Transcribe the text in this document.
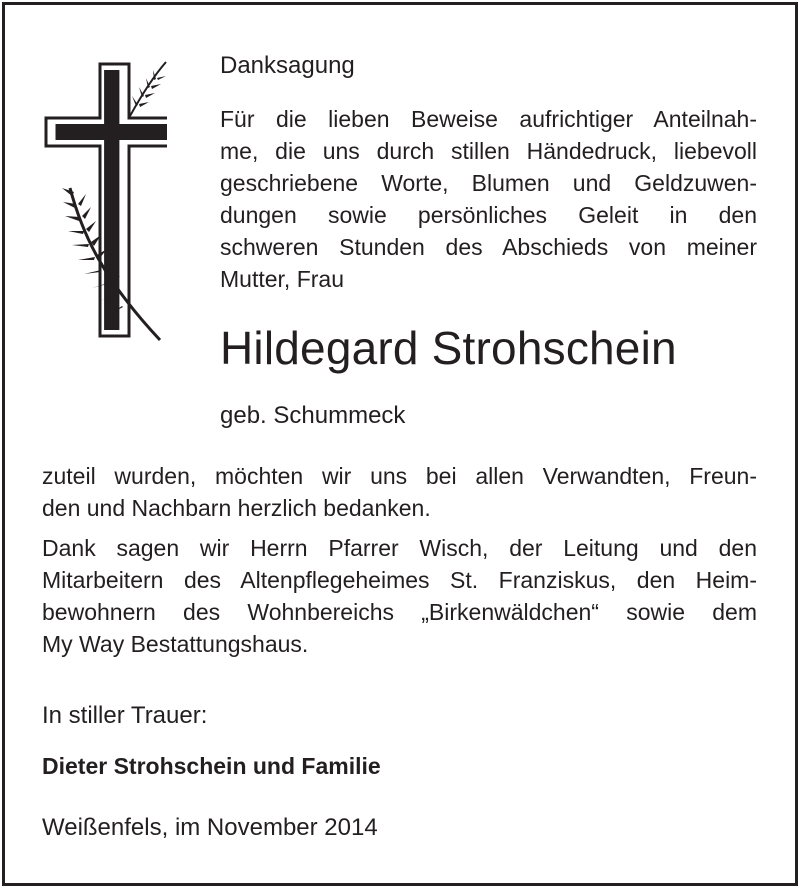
Danksagung
Für die lieben Beweise aufrichtiger Anteilnah-
me, die uns durch stillen Händedruck, liebevoll
geschriebene Worte, Blumen und Geldzuwen-
dungen sowie persönliches Geleit in den
schweren Stunden des Abschieds von meiner
Mutter, Frau
Hildegard Strohschein
geb. Schummeck
zuteil wurden, möchten wir uns bei allen Verwandten, Freun-
den und Nachbarn herzlich bedanken.
Dank sagen wir Herrn Pfarrer Wisch, der Leitung und den
Mitarbeitern des Altenpflegeheimes St. Franziskus, den Heim-
bewohnern des Wohnbereichs „Birkenwäldchen“ sowie dem
My Way Bestattungshaus.
In stiller Trauer:
Dieter Strohschein und Familie
Weißenfels, im November 2014
